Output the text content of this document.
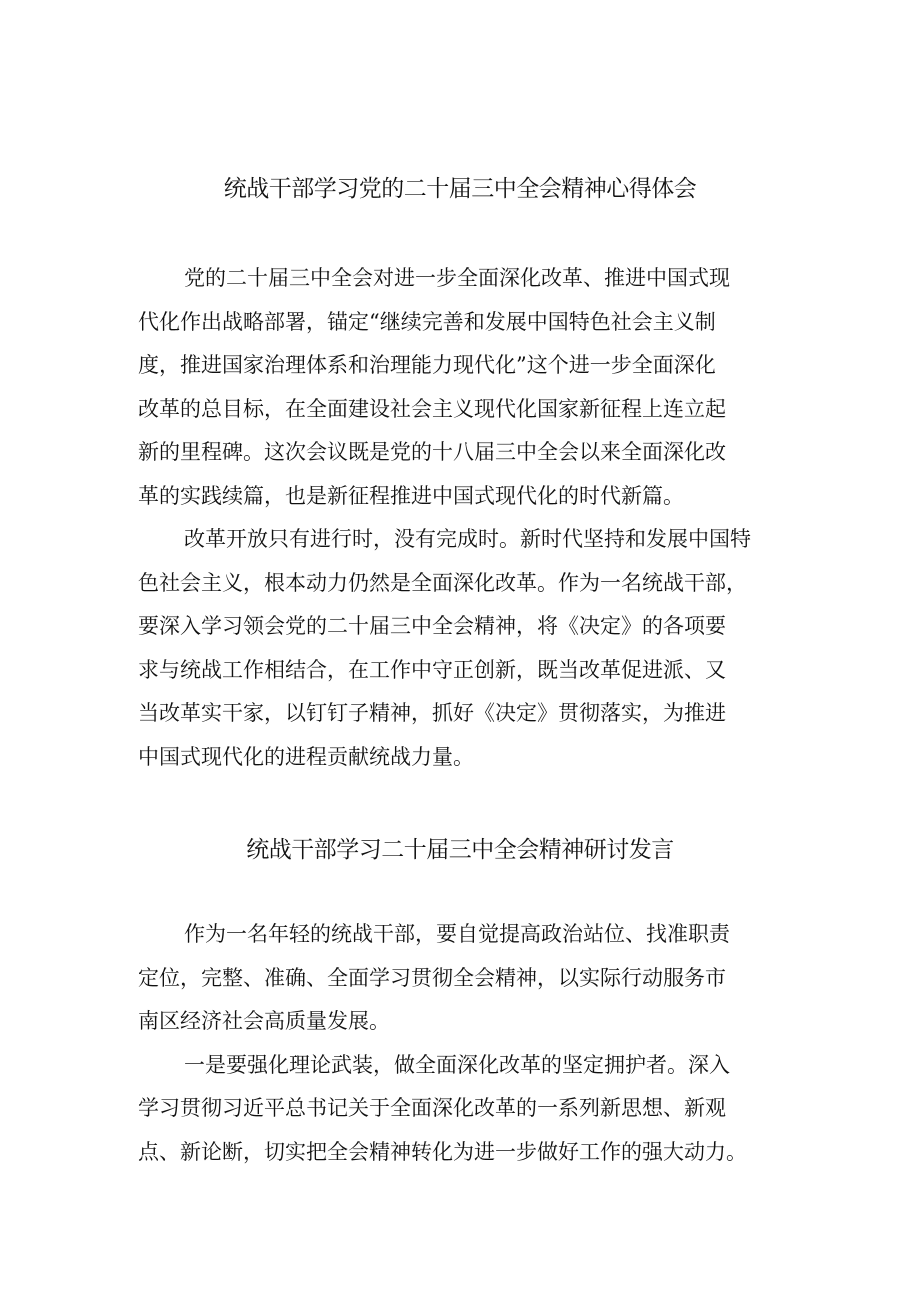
统战干部学习党的二十届三中全会精神心得体会
党的二十届三中全会对进一步全面深化改革、推进中国式现
代化作出战略部署，锚定“继续完善和发展中国特色社会主义制
度，推进国家治理体系和治理能力现代化”这个进一步全面深化
改革的总目标，在全面建设社会主义现代化国家新征程上连立起
新的里程碑。这次会议既是党的十八届三中全会以来全面深化改
革的实践续篇，也是新征程推进中国式现代化的时代新篇。
改革开放只有进行时，没有完成时。新时代坚持和发展中国特
色社会主义，根本动力仍然是全面深化改革。作为一名统战干部，
要深入学习领会党的二十届三中全会精神，将《决定》的各项要
求与统战工作相结合，在工作中守正创新，既当改革促进派、又
当改革实干家，以钉钉子精神，抓好《决定》贯彻落实，为推进
中国式现代化的进程贡献统战力量。
统战干部学习二十届三中全会精神研讨发言
作为一名年轻的统战干部，要自觉提高政治站位、找准职责
定位，完整、准确、全面学习贯彻全会精神，以实际行动服务市
南区经济社会高质量发展。
一是要强化理论武装，做全面深化改革的坚定拥护者。深入
学习贯彻习近平总书记关于全面深化改革的一系列新思想、新观
点、新论断，切实把全会精神转化为进一步做好工作的强大动力。
